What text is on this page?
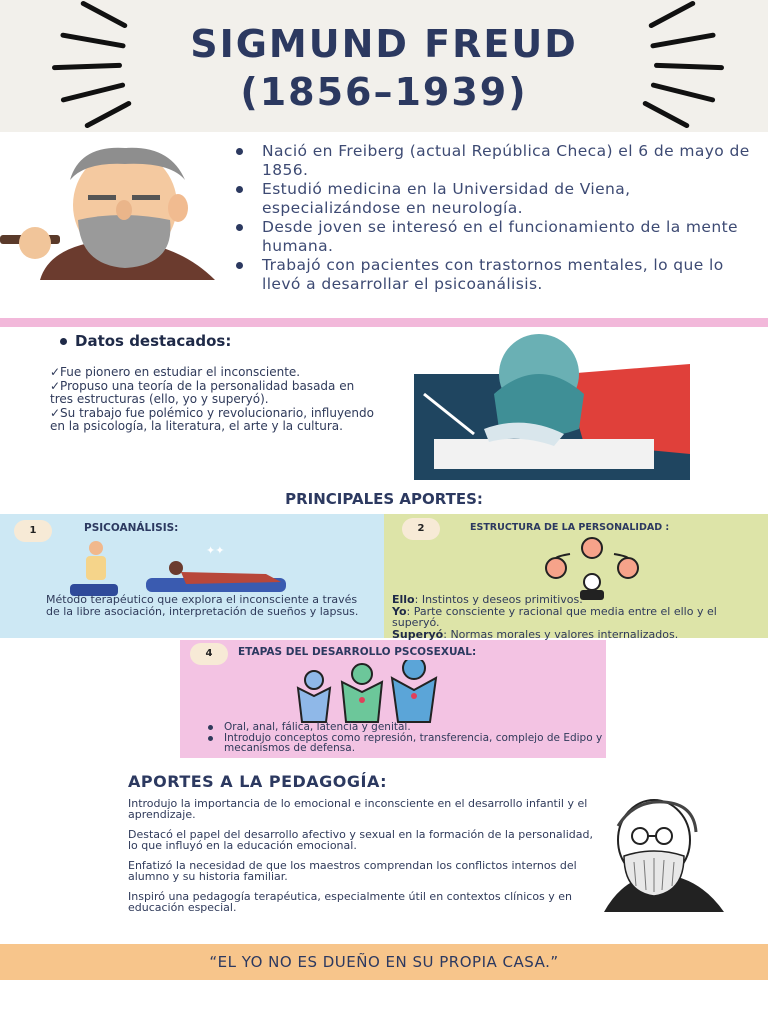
SIGMUND FREUD
(1856–1939)
Nació en Freiberg (actual República Checa) el 6 de mayo de 1856.
Estudió medicina en la Universidad de Viena, especializándose en neurología.
Desde joven se interesó en el funcionamiento de la mente humana.
Trabajó con pacientes con trastornos mentales, lo que lo llevó a desarrollar el psicoanálisis.
Datos destacados:
✓Fue pionero en estudiar el inconsciente.
✓Propuso una teoría de la personalidad basada en tres estructuras (ello, yo y superyó).
✓Su trabajo fue polémico y revolucionario, influyendo en la psicología, la literatura, el arte y la cultura.
PRINCIPALES APORTES:
1	PSICOANÁLISIS:
✦✦
Método terapéutico que explora el inconsciente a través de la libre asociación, interpretación de sueños y lapsus.
2	ESTRUCTURA DE LA PERSONALIDAD :
Ello: Instintos y deseos primitivos.
Yo: Parte consciente y racional que media entre el ello y el superyó.
Superyó: Normas morales y valores internalizados.
4	ETAPAS DEL DESARROLLO PSCOSEXUAL:
Oral, anal, fálica, latencia y genital.
Introdujo conceptos como represión, transferencia, complejo de Edipo y mecanismos de defensa.
APORTES A LA PEDAGOGÍA:

Introdujo la importancia de lo emocional e inconsciente en el desarrollo infantil y el aprendizaje.

Destacó el papel del desarrollo afectivo y sexual en la formación de la personalidad, lo que influyó en la educación emocional.

Enfatizó la necesidad de que los maestros comprendan los conflictos internos del alumno y su historia familiar.

Inspiró una pedagogía terapéutica, especialmente útil en contextos clínicos y en educación especial.

“EL YO NO ES DUEÑO EN SU PROPIA CASA.”
